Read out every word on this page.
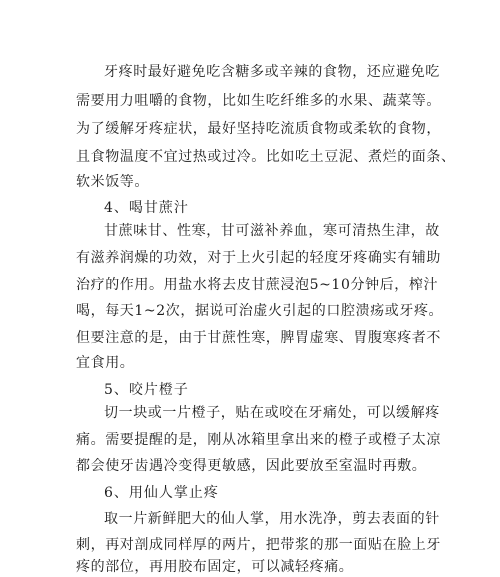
牙疼时最好避免吃含糖多或辛辣的食物，还应避免吃
需要用力咀嚼的食物，比如生吃纤维多的水果、蔬菜等。
为了缓解牙疼症状，最好坚持吃流质食物或柔软的食物，
且食物温度不宜过热或过冷。比如吃土豆泥、煮烂的面条、
软米饭等。
4、喝甘蔗汁
甘蔗味甘、性寒，甘可滋补养血，寒可清热生津，故
有滋养润燥的功效，对于上火引起的轻度牙疼确实有辅助
治疗的作用。用盐水将去皮甘蔗浸泡5~10分钟后，榨汁
喝，每天1~2次，据说可治虚火引起的口腔溃疡或牙疼。
但要注意的是，由于甘蔗性寒，脾胃虚寒、胃腹寒疼者不
宜食用。
5、咬片橙子
切一块或一片橙子，贴在或咬在牙痛处，可以缓解疼
痛。需要提醒的是，刚从冰箱里拿出来的橙子或橙子太凉
都会使牙齿遇冷变得更敏感，因此要放至室温时再敷。
6、用仙人掌止疼
取一片新鲜肥大的仙人掌，用水洗净，剪去表面的针
刺，再对剖成同样厚的两片，把带浆的那一面贴在脸上牙
疼的部位，再用胶布固定，可以减轻疼痛。
